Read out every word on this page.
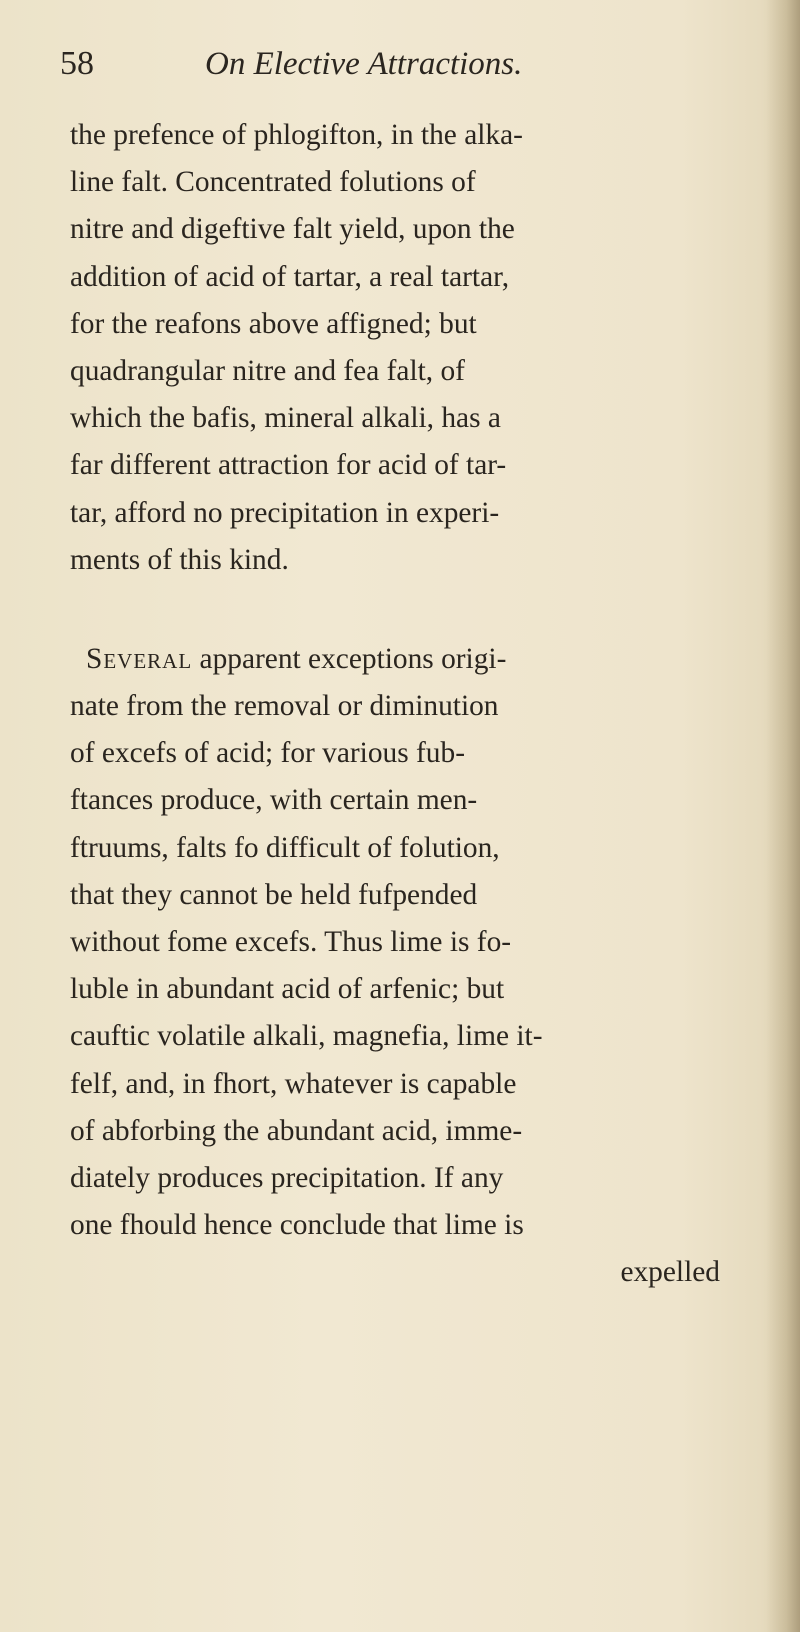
58	On Elective Attractions.
the prefence of phlogifton, in the alka-
line falt. Concentrated folutions of
nitre and digeftive falt yield, upon the
addition of acid of tartar, a real tartar,
for the reafons above affigned; but
quadrangular nitre and fea falt, of
which the bafis, mineral alkali, has a
far different attraction for acid of tar-
tar, afford no precipitation in experi-
ments of this kind.
Several apparent exceptions origi-
nate from the removal or diminution
of excefs of acid; for various fub-
ftances produce, with certain men-
ftruums, falts fo difficult of folution,
that they cannot be held fufpended
without fome excefs. Thus lime is fo-
luble in abundant acid of arfenic; but
cauftic volatile alkali, magnefia, lime it-
felf, and, in fhort, whatever is capable
of abforbing the abundant acid, imme-
diately produces precipitation. If any
one fhould hence conclude that lime is
expelled
